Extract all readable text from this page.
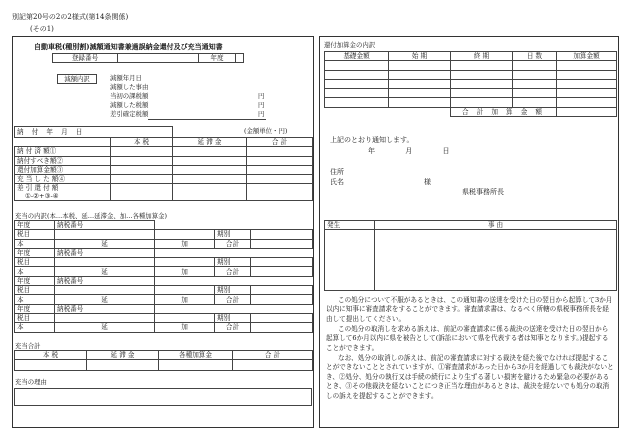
別記第20号の2の2様式(第14条関係)
(その1)
自動車税(種別割)減額通知書兼過誤納金還付及び充当通知書
登録番号		年度	
減額内訳	減額年月日
減額した事由
当初の課税額	円
減額した税額	円
差引確定税額	円
(金額単位・円)
納 付 年 月 日			
	本 税	延 滞 金	合 計
納 付 済 額①			
納付すべき額②			
還付加算金額③			
充 当 し た 額④			

差 引 還 付 額
①-②+③-④			

充当の内訳(本…本税、延…延滞金、加…各種加算金)
年度	納税番号			
税目			期別	
本	延	加	合計	
年度	納税番号			
税目			期別	
本	延	加	合計	
年度	納税番号			
税目			期別	
本	延	加	合計	
年度	納税番号			
税目			期別	
本	延	加	合計	
充当合計
本 税	延 滞 金	各種加算金	合 計

充当の理由
還付加算金の内訳
基礎金額	始 期	終 期	日 数	加算金額

		合 計 加 算 金 額		
上記のとおり通知します。
年 月 日
住所
氏名	様
県税事務所長
発生	事 由

この処分について不服があるときは、この通知書の送達を受けた日の翌日から起算して3か月以内に知事に審査請求をすることができます。審査請求書は、なるべく所轄の県税事務所長を経由して提出してください。
この処分の取消しを求める訴えは、前記の審査請求に係る裁決の送達を受けた日の翌日から起算して6か月以内に県を被告として(訴訟において県を代表する者は知事となります。)提起することができます。
なお、処分の取消しの訴えは、前記の審査請求に対する裁決を経た後でなければ提起することができないこととされていますが、①審査請求があった日から3か月を経過しても裁決がないとき、②処分、処分の執行又は手続の続行により生ずる著しい損害を避けるため緊急の必要があるとき、③その他裁決を経ないことにつき正当な理由があるときは、裁決を経ないでも処分の取消しの訴えを提起することができます。
